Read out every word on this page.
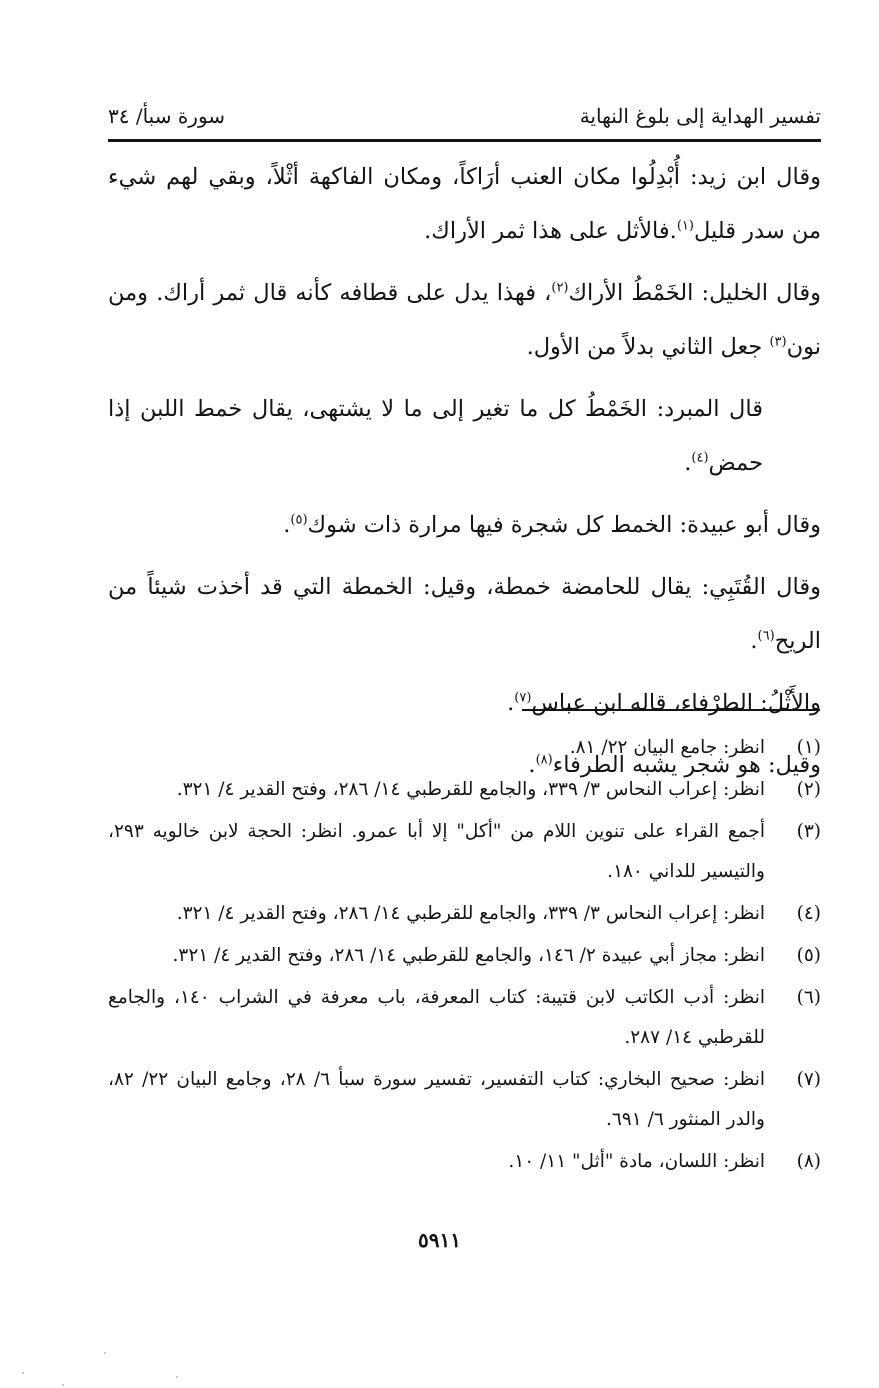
تفسير الهداية إلى بلوغ النهاية
سورة سبأ/ ٣٤

وقال ابن زيد: أُبْدِلُوا مكان العنب أرَاكاً، ومكان الفاكهة أثْلاً، وبقي لهم شيء من سدر قليل$^{(١)}$.فالأثل على هذا ثمر الأراك.

وقال الخليل: الخَمْطُ الأراك$^{(٢)}$، فهذا يدل على قطافه كأنه قال ثمر أراك. ومن نون$^{(٣)}$ جعل الثاني بدلاً من الأول.

قال المبرد: الخَمْطُ كل ما تغير إلى ما لا يشتهى، يقال خمط اللبن إذا حمض$^{(٤)}$.

وقال أبو عبيدة: الخمط كل شجرة فيها مرارة ذات شوك$^{(٥)}$.

وقال القُتَبِي: يقال للحامضة خمطة، وقيل: الخمطة التي قد أخذت شيئاً من الريح$^{(٦)}$.

والأَثْلُ: الطرْفاء، قاله ابن عباس$^{(٧)}$.

وقيل: هو شجر يشبه الطرفاء$^{(٨)}$.

(١)
انظر: جامع البيان ٢٢/ ٨١.
(٢)
انظر: إعراب النحاس ٣/ ٣٣٩، والجامع للقرطبي ١٤/ ٢٨٦، وفتح القدير ٤/ ٣٢١.
(٣)
أجمع القراء على تنوين اللام من "أكل" إلا أبا عمرو. انظر: الحجة لابن خالويه ٢٩٣، والتيسير للداني ١٨٠.
(٤)
انظر: إعراب النحاس ٣/ ٣٣٩، والجامع للقرطبي ١٤/ ٢٨٦، وفتح القدير ٤/ ٣٢١.
(٥)
انظر: مجاز أبي عبيدة ٢/ ١٤٦، والجامع للقرطبي ١٤/ ٢٨٦، وفتح القدير ٤/ ٣٢١.
(٦)
انظر: أدب الكاتب لابن قتيبة: كتاب المعرفة، باب معرفة في الشراب ١٤٠، والجامع للقرطبي ١٤/ ٢٨٧.
(٧)
انظر: صحيح البخاري: كتاب التفسير، تفسير سورة سبأ ٦/ ٢٨، وجامع البيان ٢٢/ ٨٢، والدر المنثور ٦/ ٦٩١.
(٨)
انظر: اللسان، مادة "أثل" ١١/ ١٠.
٥٩١١
